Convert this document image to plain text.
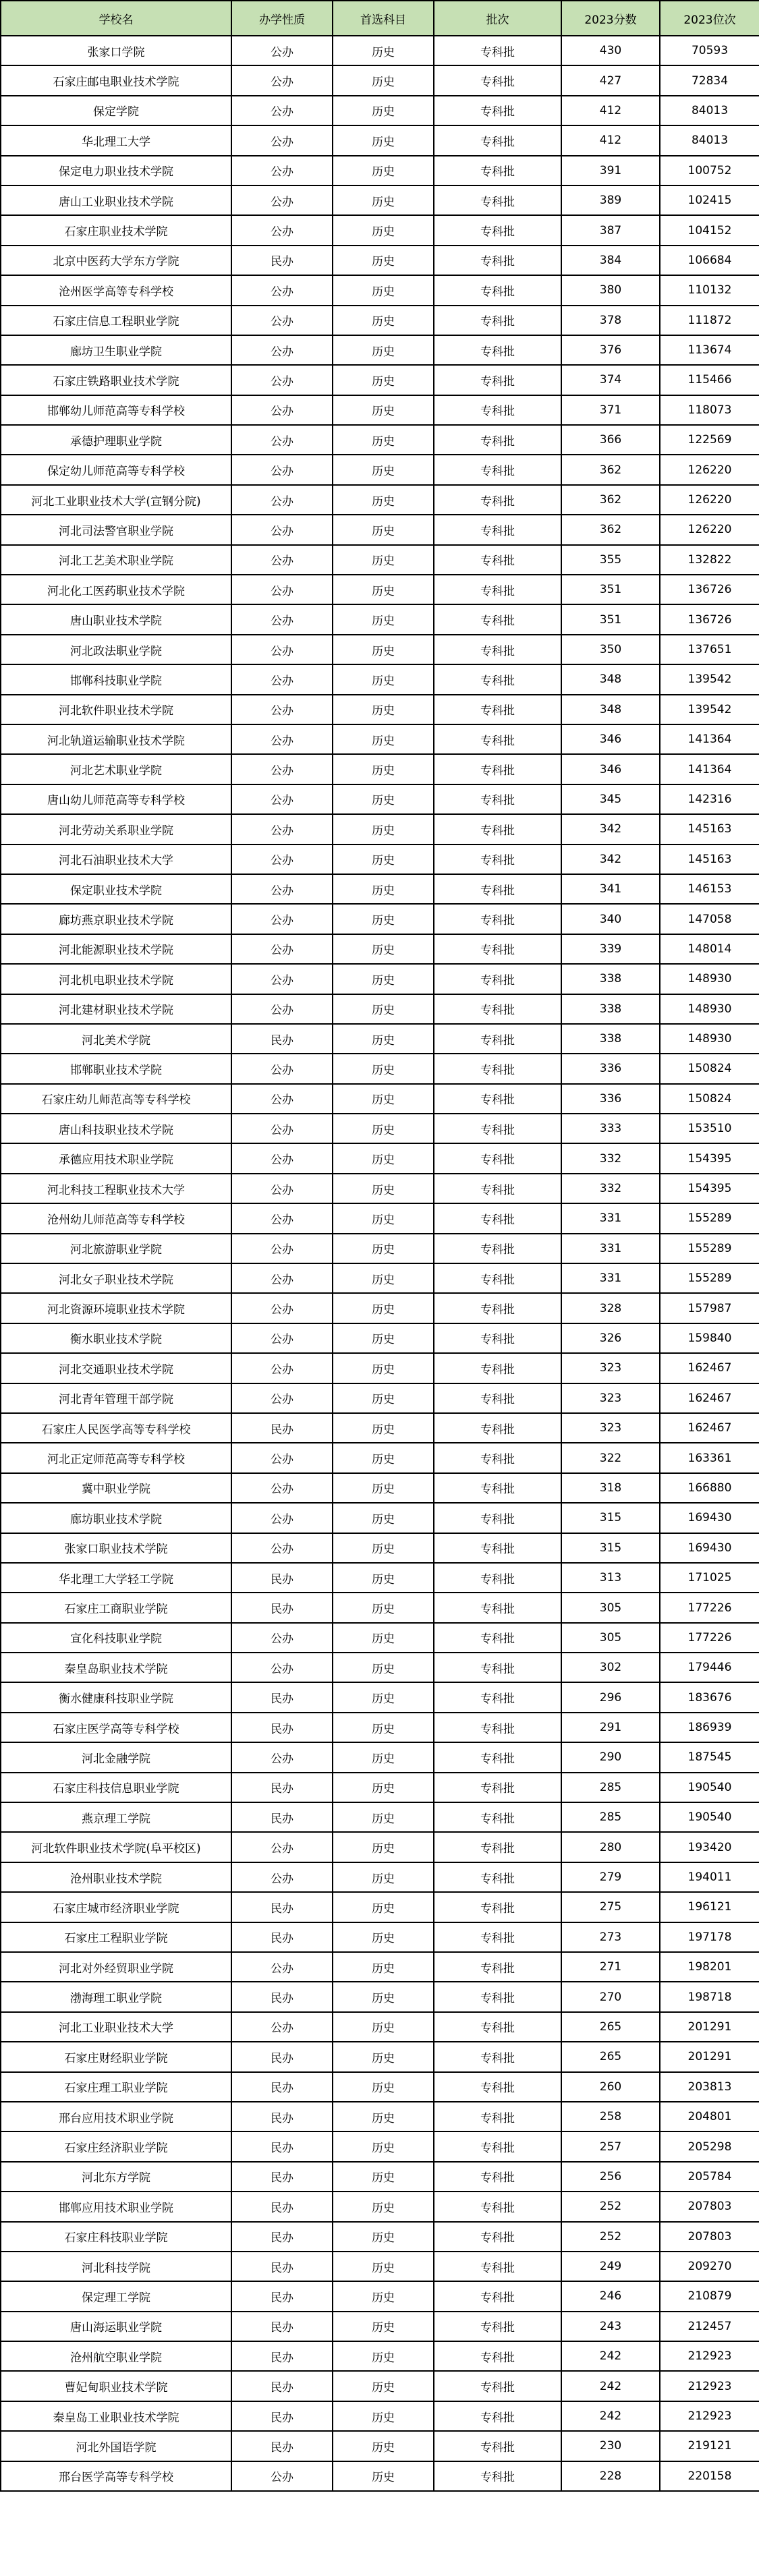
学校名	办学性质	首选科目	批次	2023分数	2023位次
张家口学院	公办	历史	专科批	430	70593
石家庄邮电职业技术学院	公办	历史	专科批	427	72834
保定学院	公办	历史	专科批	412	84013
华北理工大学	公办	历史	专科批	412	84013
保定电力职业技术学院	公办	历史	专科批	391	100752
唐山工业职业技术学院	公办	历史	专科批	389	102415
石家庄职业技术学院	公办	历史	专科批	387	104152
北京中医药大学东方学院	民办	历史	专科批	384	106684
沧州医学高等专科学校	公办	历史	专科批	380	110132
石家庄信息工程职业学院	公办	历史	专科批	378	111872
廊坊卫生职业学院	公办	历史	专科批	376	113674
石家庄铁路职业技术学院	公办	历史	专科批	374	115466
邯郸幼儿师范高等专科学校	公办	历史	专科批	371	118073
承德护理职业学院	公办	历史	专科批	366	122569
保定幼儿师范高等专科学校	公办	历史	专科批	362	126220
河北工业职业技术大学(宣钢分院)	公办	历史	专科批	362	126220
河北司法警官职业学院	公办	历史	专科批	362	126220
河北工艺美术职业学院	公办	历史	专科批	355	132822
河北化工医药职业技术学院	公办	历史	专科批	351	136726
唐山职业技术学院	公办	历史	专科批	351	136726
河北政法职业学院	公办	历史	专科批	350	137651
邯郸科技职业学院	公办	历史	专科批	348	139542
河北软件职业技术学院	公办	历史	专科批	348	139542
河北轨道运输职业技术学院	公办	历史	专科批	346	141364
河北艺术职业学院	公办	历史	专科批	346	141364
唐山幼儿师范高等专科学校	公办	历史	专科批	345	142316
河北劳动关系职业学院	公办	历史	专科批	342	145163
河北石油职业技术大学	公办	历史	专科批	342	145163
保定职业技术学院	公办	历史	专科批	341	146153
廊坊燕京职业技术学院	公办	历史	专科批	340	147058
河北能源职业技术学院	公办	历史	专科批	339	148014
河北机电职业技术学院	公办	历史	专科批	338	148930
河北建材职业技术学院	公办	历史	专科批	338	148930
河北美术学院	民办	历史	专科批	338	148930
邯郸职业技术学院	公办	历史	专科批	336	150824
石家庄幼儿师范高等专科学校	公办	历史	专科批	336	150824
唐山科技职业技术学院	公办	历史	专科批	333	153510
承德应用技术职业学院	公办	历史	专科批	332	154395
河北科技工程职业技术大学	公办	历史	专科批	332	154395
沧州幼儿师范高等专科学校	公办	历史	专科批	331	155289
河北旅游职业学院	公办	历史	专科批	331	155289
河北女子职业技术学院	公办	历史	专科批	331	155289
河北资源环境职业技术学院	公办	历史	专科批	328	157987
衡水职业技术学院	公办	历史	专科批	326	159840
河北交通职业技术学院	公办	历史	专科批	323	162467
河北青年管理干部学院	公办	历史	专科批	323	162467
石家庄人民医学高等专科学校	民办	历史	专科批	323	162467
河北正定师范高等专科学校	公办	历史	专科批	322	163361
冀中职业学院	公办	历史	专科批	318	166880
廊坊职业技术学院	公办	历史	专科批	315	169430
张家口职业技术学院	公办	历史	专科批	315	169430
华北理工大学轻工学院	民办	历史	专科批	313	171025
石家庄工商职业学院	民办	历史	专科批	305	177226
宣化科技职业学院	公办	历史	专科批	305	177226
秦皇岛职业技术学院	公办	历史	专科批	302	179446
衡水健康科技职业学院	民办	历史	专科批	296	183676
石家庄医学高等专科学校	民办	历史	专科批	291	186939
河北金融学院	公办	历史	专科批	290	187545
石家庄科技信息职业学院	民办	历史	专科批	285	190540
燕京理工学院	民办	历史	专科批	285	190540
河北软件职业技术学院(阜平校区)	公办	历史	专科批	280	193420
沧州职业技术学院	公办	历史	专科批	279	194011
石家庄城市经济职业学院	民办	历史	专科批	275	196121
石家庄工程职业学院	民办	历史	专科批	273	197178
河北对外经贸职业学院	公办	历史	专科批	271	198201
渤海理工职业学院	民办	历史	专科批	270	198718
河北工业职业技术大学	公办	历史	专科批	265	201291
石家庄财经职业学院	民办	历史	专科批	265	201291
石家庄理工职业学院	民办	历史	专科批	260	203813
邢台应用技术职业学院	民办	历史	专科批	258	204801
石家庄经济职业学院	民办	历史	专科批	257	205298
河北东方学院	民办	历史	专科批	256	205784
邯郸应用技术职业学院	民办	历史	专科批	252	207803
石家庄科技职业学院	民办	历史	专科批	252	207803
河北科技学院	民办	历史	专科批	249	209270
保定理工学院	民办	历史	专科批	246	210879
唐山海运职业学院	民办	历史	专科批	243	212457
沧州航空职业学院	民办	历史	专科批	242	212923
曹妃甸职业技术学院	民办	历史	专科批	242	212923
秦皇岛工业职业技术学院	民办	历史	专科批	242	212923
河北外国语学院	民办	历史	专科批	230	219121
邢台医学高等专科学校	公办	历史	专科批	228	220158
